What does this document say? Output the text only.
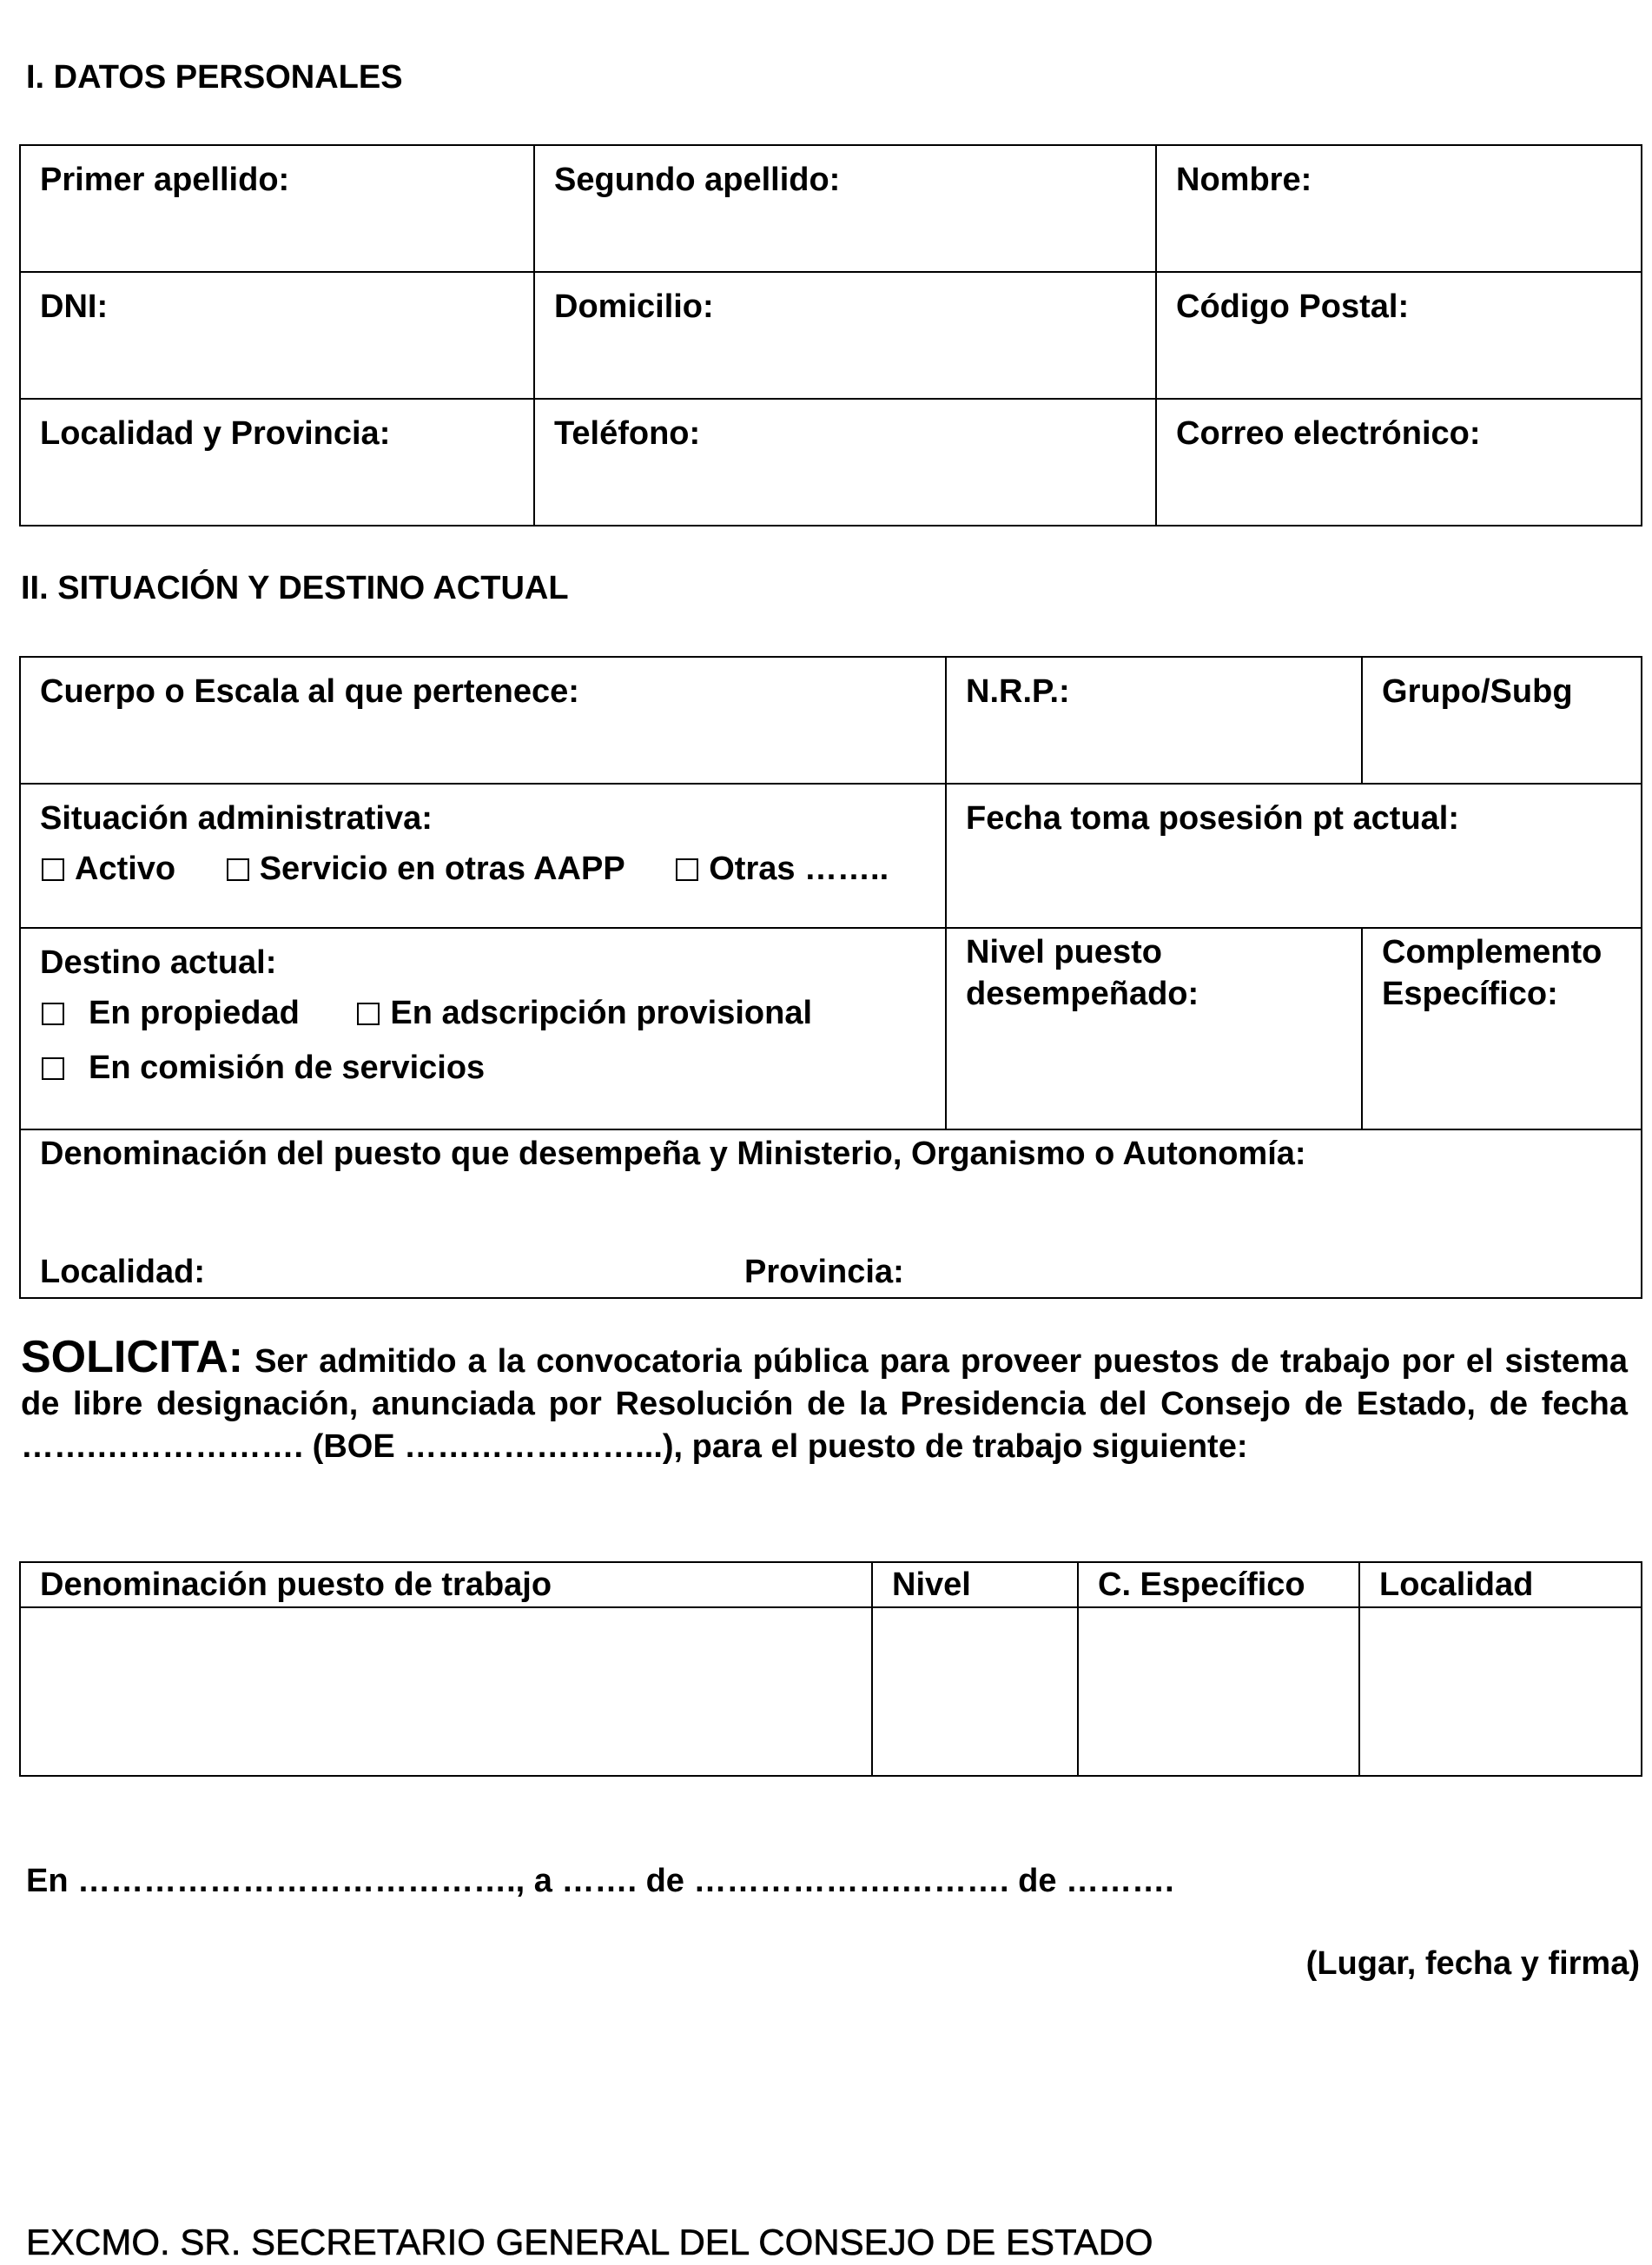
I. DATOS PERSONALES
Primer apellido:	Segundo apellido:	Nombre:

DNI:	Domicilio:	Código Postal:

Localidad y Provincia:	Teléfono:	Correo electrónico:
II. SITUACIÓN Y DESTINO ACTUAL
Cuerpo o Escala al que pertenece:	N.R.P.:	Grupo/Subg

Situación administrativa:
Activo Servicio en otras AAPP Otras ……..	Fecha toma posesión pt actual:	

Destino actual:
En propiedad En adscripción provisional
En comisión de servicios	Nivel puesto desempeñado:	Complemento Específico:

Denominación del puesto que desempeña y Ministerio, Organismo o Autonomía:
Localidad: Provincia:		
SOLICITA: Ser admitido a la convocatoria pública para proveer puestos de trabajo por el sistema de libre designación, anunciada por Resolución de la Presidencia del Consejo de Estado, de fecha …….………………. (BOE …………………...), para el puesto de trabajo siguiente:
Denominación puesto de trabajo	Nivel	C. Específico	Localidad

En …………………………………., a ……. de ……………….………. de ……….
(Lugar, fecha y firma)
EXCMO. SR. SECRETARIO GENERAL DEL CONSEJO DE ESTADO
